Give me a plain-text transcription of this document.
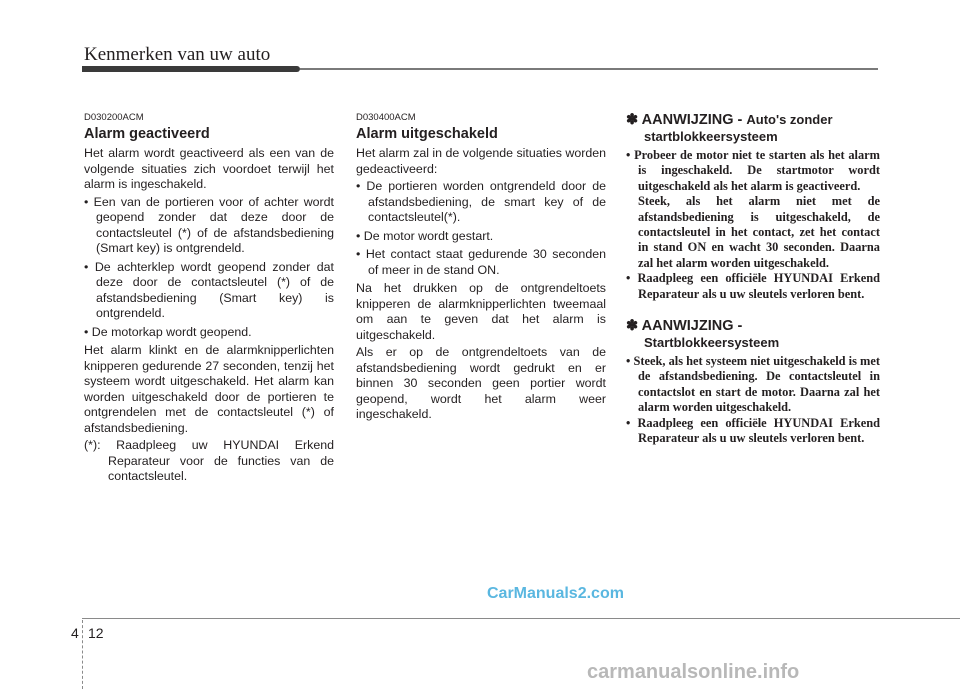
Kenmerken van uw auto

D030200ACM

Alarm geactiveerd

Het alarm wordt geactiveerd als een van de volgende situaties zich voordoet terwijl het alarm is ingeschakeld.

• Een van de portieren voor of achter wordt geopend zonder dat deze door de contactsleutel (*) of de afstandsbediening (Smart key) is ontgrendeld.

• De achterklep wordt geopend zonder dat deze door de contactsleutel (*) of de afstandsbediening (Smart key) is ontgrendeld.

• De motorkap wordt geopend.

Het alarm klinkt en de alarmknipperlichten knipperen gedurende 27 seconden, tenzij het systeem wordt uitgeschakeld. Het alarm kan worden uitgeschakeld door de portieren te ontgrendelen met de contactsleutel (*) of afstandsbediening.

(*): Raadpleeg uw HYUNDAI Erkend Reparateur voor de functies van de contactsleutel.

D030400ACM

Alarm uitgeschakeld

Het alarm zal in de volgende situaties worden gedeactiveerd:

• De portieren worden ontgrendeld door de afstandsbediening, de smart key of de contactsleutel(*).

• De motor wordt gestart.

• Het contact staat gedurende 30 seconden of meer in de stand ON.

Na het drukken op de ontgrendeltoets knipperen de alarmknipperlichten tweemaal om aan te geven dat het alarm is uitgeschakeld.

Als er op de ontgrendeltoets van de afstandsbediening wordt gedrukt en er binnen 30 seconden geen portier wordt geopend, wordt het alarm weer ingeschakeld.

✽ AANWIJZING - Auto's zonder startblokkeersysteem

• Probeer de motor niet te starten als het alarm is ingeschakeld. De startmotor wordt uitgeschakeld als het alarm is geactiveerd.

Steek, als het alarm niet met de afstandsbediening is uitgeschakeld, de contactsleutel in het contact, zet het contact in stand ON en wacht 30 seconden. Daarna zal het alarm worden uitgeschakeld.

• Raadpleeg een officiële HYUNDAI Erkend Reparateur als u uw sleutels verloren bent.

✽ AANWIJZING -
Startblokkeersysteem

• Steek, als het systeem niet uitgeschakeld is met de afstandsbediening. De contactsleutel in contactslot en start de motor. Daarna zal het alarm worden uitgeschakeld.

• Raadpleeg een officiële HYUNDAI Erkend Reparateur als u uw sleutels verloren bent.

CarManuals2.com
4 12
carmanualsonline.info
